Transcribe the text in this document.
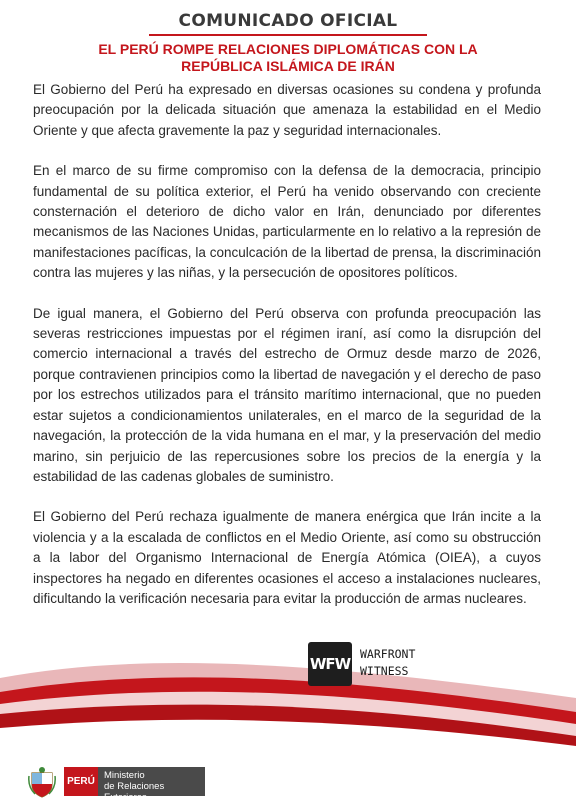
COMUNICADO OFICIAL
EL PERÚ ROMPE RELACIONES DIPLOMÁTICAS CON LA
REPÚBLICA ISLÁMICA DE IRÁN

El Gobierno del Perú ha expresado en diversas ocasiones su condena y profunda preocupación por la delicada situación que amenaza la estabilidad en el Medio Oriente y que afecta gravemente la paz y seguridad internacionales.

En el marco de su firme compromiso con la defensa de la democracia, principio fundamental de su política exterior, el Perú ha venido observando con creciente consternación el deterioro de dicho valor en Irán, denunciado por diferentes mecanismos de las Naciones Unidas, particularmente en lo relativo a la represión de manifestaciones pacíficas, la conculcación de la libertad de prensa, la discriminación contra las mujeres y las niñas, y la persecución de opositores políticos.

De igual manera, el Gobierno del Perú observa con profunda preocupación las severas restricciones impuestas por el régimen iraní, así como la disrupción del comercio internacional a través del estrecho de Ormuz desde marzo de 2026, porque contravienen principios como la libertad de navegación y el derecho de paso por los estrechos utilizados para el tránsito marítimo internacional, que no pueden estar sujetos a condicionamientos unilaterales, en el marco de la seguridad de la navegación, la protección de la vida humana en el mar, y la preservación del medio marino, sin perjuicio de las repercusiones sobre los precios de la energía y la estabilidad de las cadenas globales de suministro.

El Gobierno del Perú rechaza igualmente de manera enérgica que Irán incite a la violencia y a la escalada de conflictos en el Medio Oriente, así como su obstrucción a la labor del Organismo Internacional de Energía Atómica (OIEA), a cuyos inspectores ha negado en diferentes ocasiones el acceso a instalaciones nucleares, dificultando la verificación necesaria para evitar la producción de armas nucleares.

WFW
WARFRONT
WITNESS
PERÚ
Ministerio
de Relaciones Exteriores
